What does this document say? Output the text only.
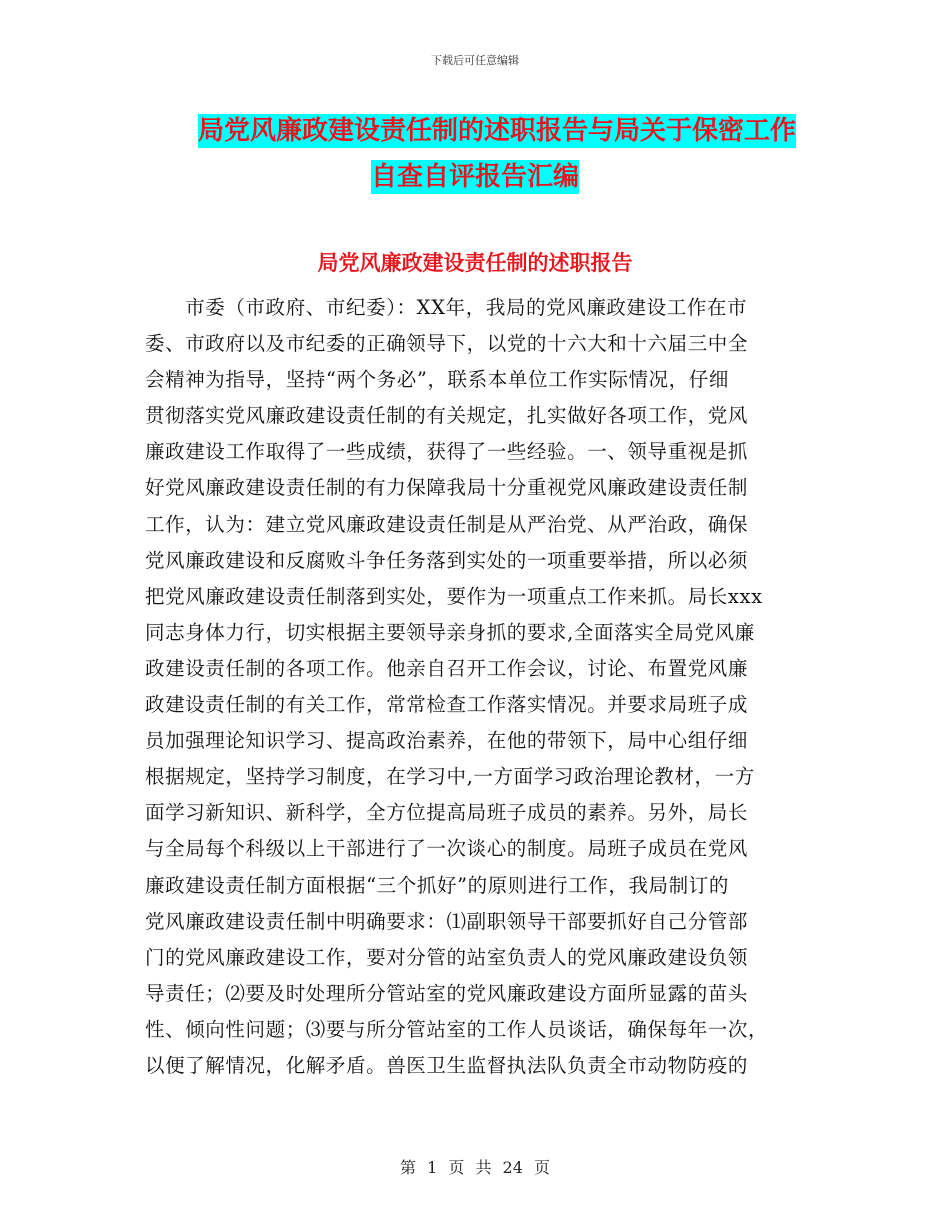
下载后可任意编辑
局党风廉政建设责任制的述职报告与局关于保密工作
自查自评报告汇编
局党风廉政建设责任制的述职报告
　　市委（市政府、市纪委）：XX年，我局的党风廉政建设工作在市
委、市政府以及市纪委的正确领导下，以党的十六大和十六届三中全
会精神为指导，坚持“两个务必”，联系本单位工作实际情况，仔细
贯彻落实党风廉政建设责任制的有关规定，扎实做好各项工作，党风
廉政建设工作取得了一些成绩，获得了一些经验。一、领导重视是抓
好党风廉政建设责任制的有力保障我局十分重视党风廉政建设责任制
工作，认为：建立党风廉政建设责任制是从严治党、从严治政，确保
党风廉政建设和反腐败斗争任务落到实处的一项重要举措，所以必须
把党风廉政建设责任制落到实处，要作为一项重点工作来抓。局长xxx
同志身体力行，切实根据主要领导亲身抓的要求,全面落实全局党风廉
政建设责任制的各项工作。他亲自召开工作会议，讨论、布置党风廉
政建设责任制的有关工作，常常检查工作落实情况。并要求局班子成
员加强理论知识学习、提高政治素养，在他的带领下，局中心组仔细
根据规定，坚持学习制度，在学习中,一方面学习政治理论教材，一方
面学习新知识、新科学，全方位提高局班子成员的素养。另外，局长
与全局每个科级以上干部进行了一次谈心的制度。局班子成员在党风
廉政建设责任制方面根据“三个抓好”的原则进行工作，我局制订的
党风廉政建设责任制中明确要求：⑴副职领导干部要抓好自己分管部
门的党风廉政建设工作，要对分管的站室负责人的党风廉政建设负领
导责任；⑵要及时处理所分管站室的党风廉政建设方面所显露的苗头
性、倾向性问题；⑶要与所分管站室的工作人员谈话，确保每年一次，
以便了解情况，化解矛盾。兽医卫生监督执法队负责全市动物防疫的
第 1 页 共 24 页
